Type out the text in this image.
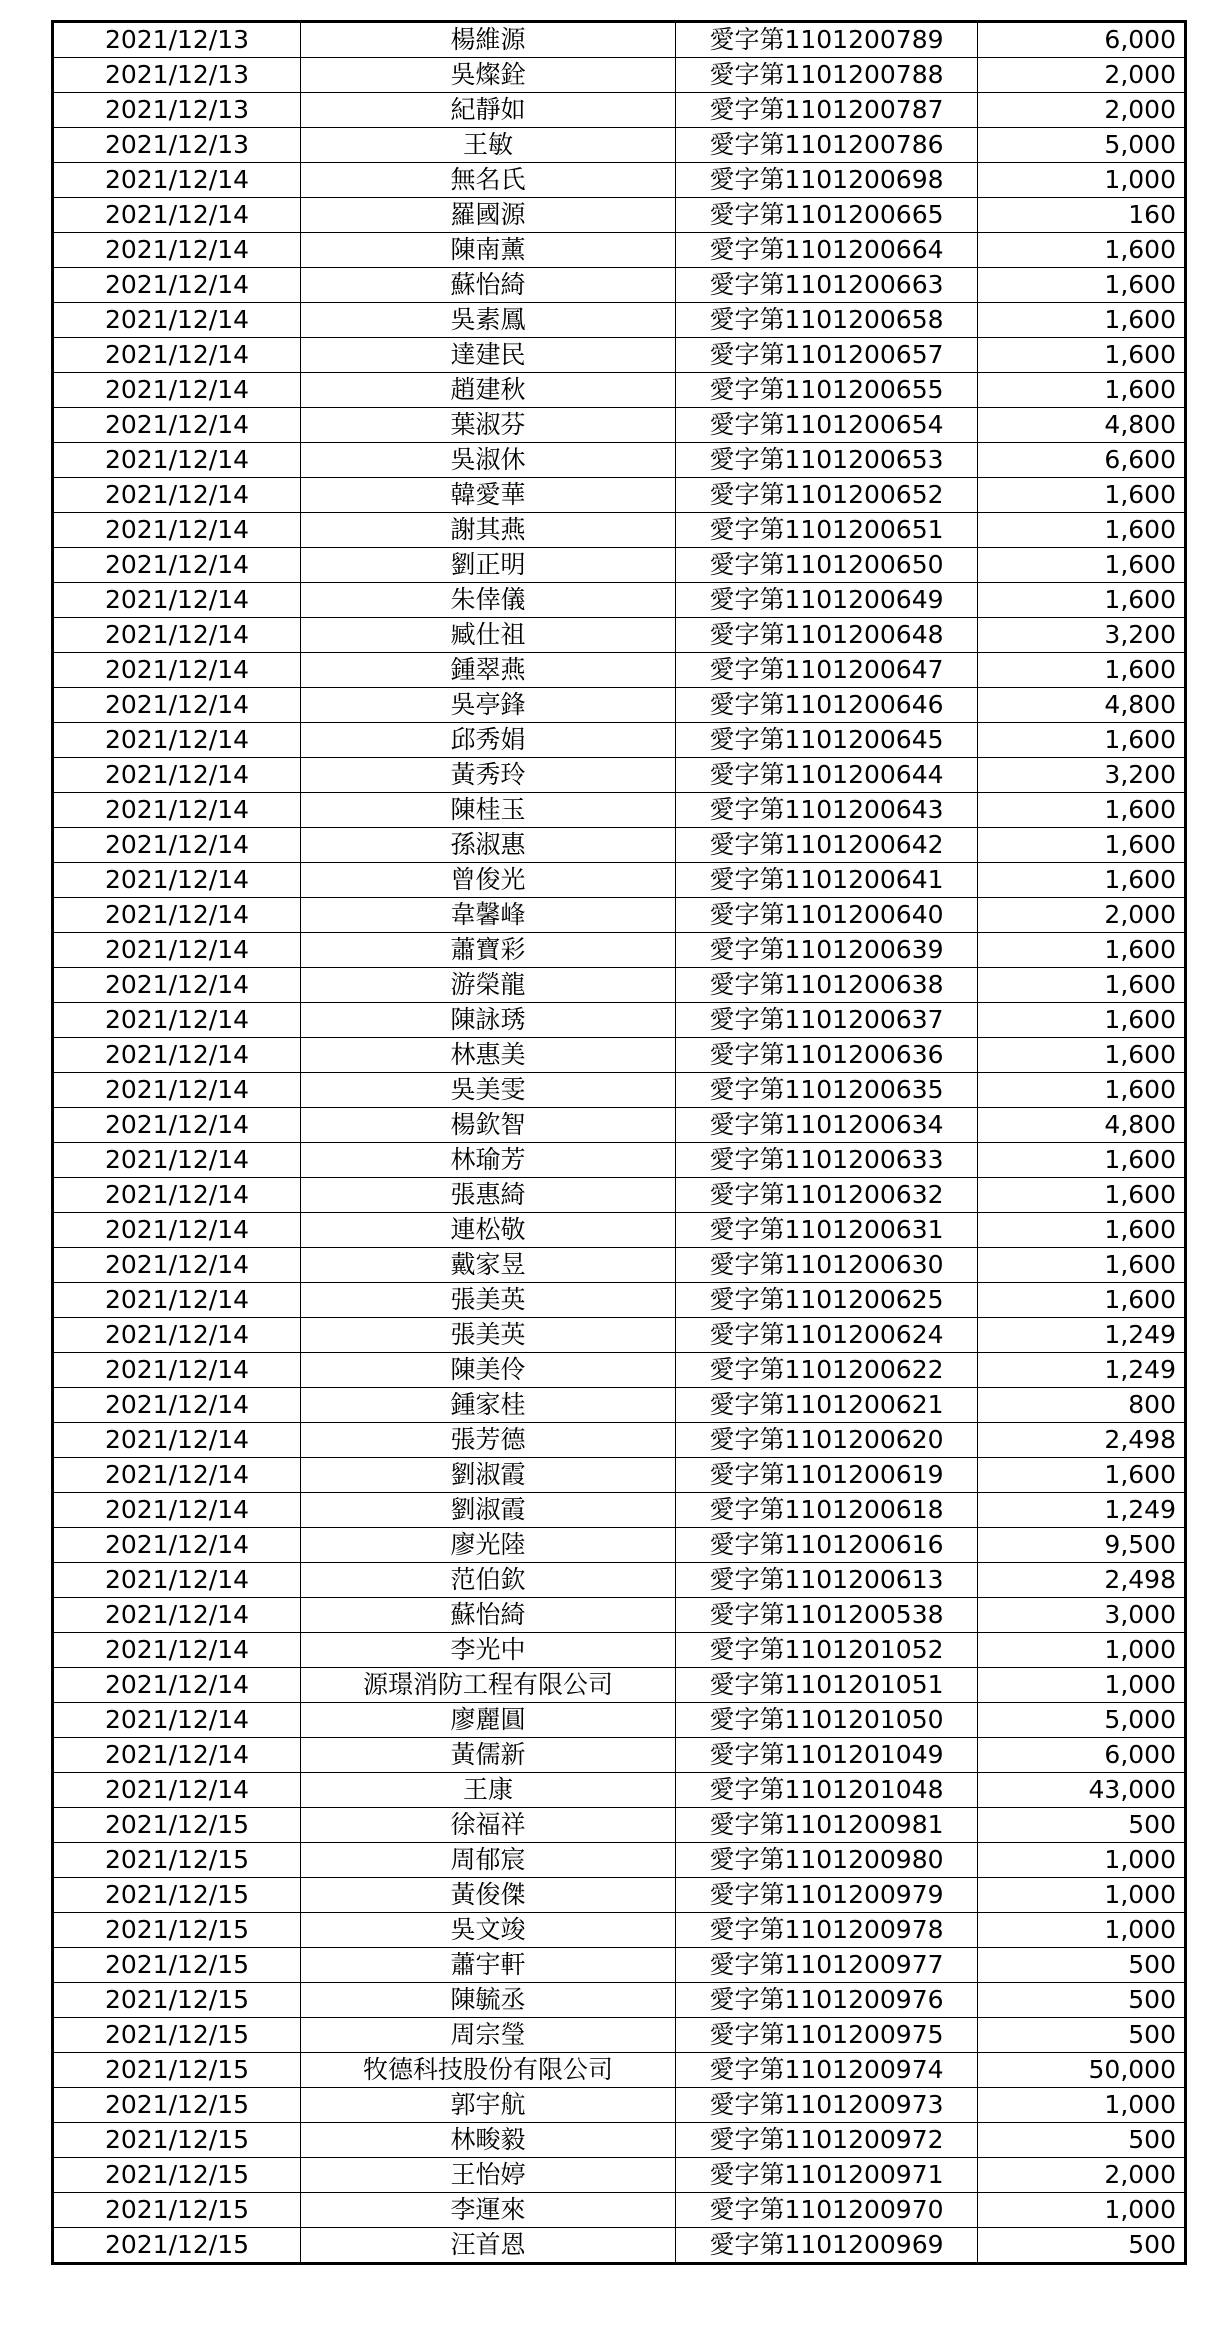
2021/12/13	楊維源	愛字第1101200789	6,000
2021/12/13	吳燦銓	愛字第1101200788	2,000
2021/12/13	紀靜如	愛字第1101200787	2,000
2021/12/13	王敏	愛字第1101200786	5,000
2021/12/14	無名氏	愛字第1101200698	1,000
2021/12/14	羅國源	愛字第1101200665	160
2021/12/14	陳南薰	愛字第1101200664	1,600
2021/12/14	蘇怡綺	愛字第1101200663	1,600
2021/12/14	吳素鳳	愛字第1101200658	1,600
2021/12/14	達建民	愛字第1101200657	1,600
2021/12/14	趙建秋	愛字第1101200655	1,600
2021/12/14	葉淑芬	愛字第1101200654	4,800
2021/12/14	吳淑休	愛字第1101200653	6,600
2021/12/14	韓愛華	愛字第1101200652	1,600
2021/12/14	謝其燕	愛字第1101200651	1,600
2021/12/14	劉正明	愛字第1101200650	1,600
2021/12/14	朱倖儀	愛字第1101200649	1,600
2021/12/14	臧仕祖	愛字第1101200648	3,200
2021/12/14	鍾翠燕	愛字第1101200647	1,600
2021/12/14	吳亭鋒	愛字第1101200646	4,800
2021/12/14	邱秀娟	愛字第1101200645	1,600
2021/12/14	黃秀玲	愛字第1101200644	3,200
2021/12/14	陳桂玉	愛字第1101200643	1,600
2021/12/14	孫淑惠	愛字第1101200642	1,600
2021/12/14	曾俊光	愛字第1101200641	1,600
2021/12/14	韋馨峰	愛字第1101200640	2,000
2021/12/14	蕭寶彩	愛字第1101200639	1,600
2021/12/14	游榮龍	愛字第1101200638	1,600
2021/12/14	陳詠琇	愛字第1101200637	1,600
2021/12/14	林惠美	愛字第1101200636	1,600
2021/12/14	吳美雯	愛字第1101200635	1,600
2021/12/14	楊欽智	愛字第1101200634	4,800
2021/12/14	林瑜芳	愛字第1101200633	1,600
2021/12/14	張惠綺	愛字第1101200632	1,600
2021/12/14	連松敬	愛字第1101200631	1,600
2021/12/14	戴家昱	愛字第1101200630	1,600
2021/12/14	張美英	愛字第1101200625	1,600
2021/12/14	張美英	愛字第1101200624	1,249
2021/12/14	陳美伶	愛字第1101200622	1,249
2021/12/14	鍾家桂	愛字第1101200621	800
2021/12/14	張芳德	愛字第1101200620	2,498
2021/12/14	劉淑霞	愛字第1101200619	1,600
2021/12/14	劉淑霞	愛字第1101200618	1,249
2021/12/14	廖光陸	愛字第1101200616	9,500
2021/12/14	范伯欽	愛字第1101200613	2,498
2021/12/14	蘇怡綺	愛字第1101200538	3,000
2021/12/14	李光中	愛字第1101201052	1,000
2021/12/14	源璟消防工程有限公司	愛字第1101201051	1,000
2021/12/14	廖麗圓	愛字第1101201050	5,000
2021/12/14	黃儒新	愛字第1101201049	6,000
2021/12/14	王康	愛字第1101201048	43,000
2021/12/15	徐福祥	愛字第1101200981	500
2021/12/15	周郁宸	愛字第1101200980	1,000
2021/12/15	黃俊傑	愛字第1101200979	1,000
2021/12/15	吳文竣	愛字第1101200978	1,000
2021/12/15	蕭宇軒	愛字第1101200977	500
2021/12/15	陳毓丞	愛字第1101200976	500
2021/12/15	周宗瑩	愛字第1101200975	500
2021/12/15	牧德科技股份有限公司	愛字第1101200974	50,000
2021/12/15	郭宇航	愛字第1101200973	1,000
2021/12/15	林畯毅	愛字第1101200972	500
2021/12/15	王怡婷	愛字第1101200971	2,000
2021/12/15	李運來	愛字第1101200970	1,000
2021/12/15	汪首恩	愛字第1101200969	500
